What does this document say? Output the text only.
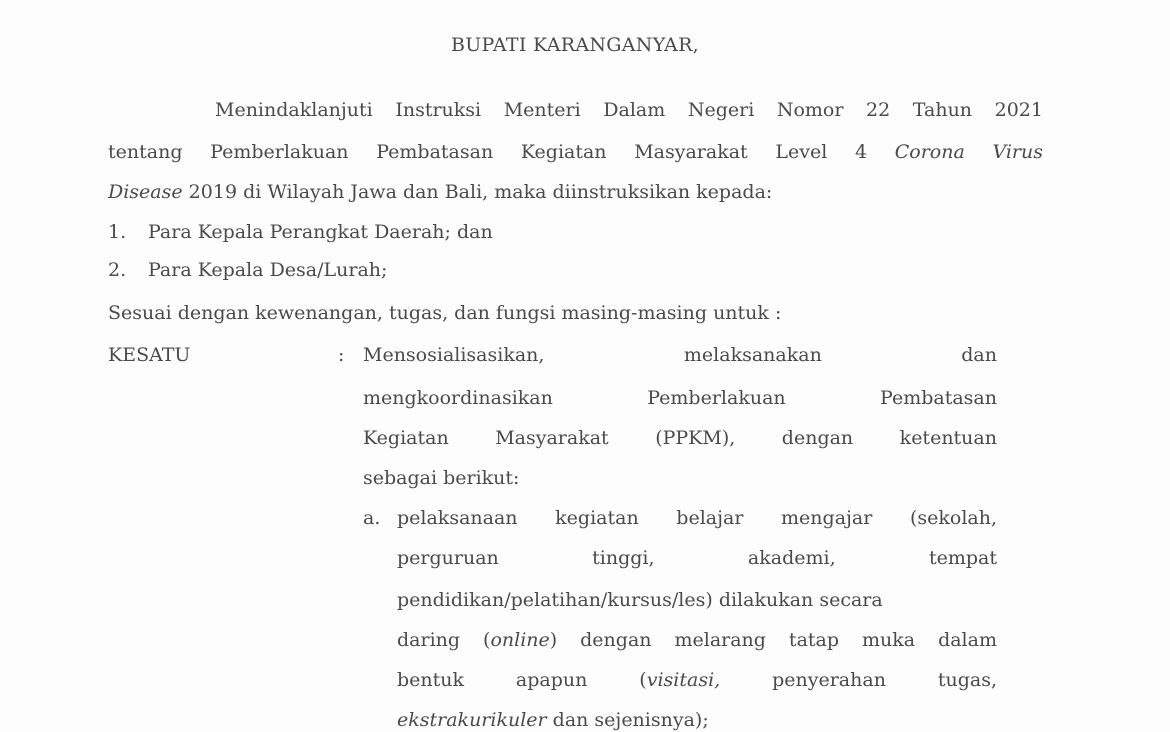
BUPATI KARANGANYAR,
Menindaklanjuti Instruksi Menteri Dalam Negeri Nomor 22 Tahun 2021
tentang Pemberlakuan Pembatasan Kegiatan Masyarakat Level 4 Corona Virus
Disease 2019 di Wilayah Jawa dan Bali, maka diinstruksikan kepada:
1. Para Kepala Perangkat Daerah; dan
2. Para Kepala Desa/Lurah;
Sesuai dengan kewenangan, tugas, dan fungsi masing-masing untuk :
KESATU	: Mensosialisasikan, melaksanakan dan
mengkoordinasikan Pemberlakuan Pembatasan
Kegiatan Masyarakat (PPKM), dengan ketentuan
sebagai berikut:
a. pelaksanaan kegiatan belajar mengajar (sekolah,
perguruan tinggi, akademi, tempat
pendidikan/pelatihan/kursus/les) dilakukan secara
daring (online) dengan melarang tatap muka dalam
bentuk apapun (visitasi, penyerahan tugas,
ekstrakurikuler dan sejenisnya);
